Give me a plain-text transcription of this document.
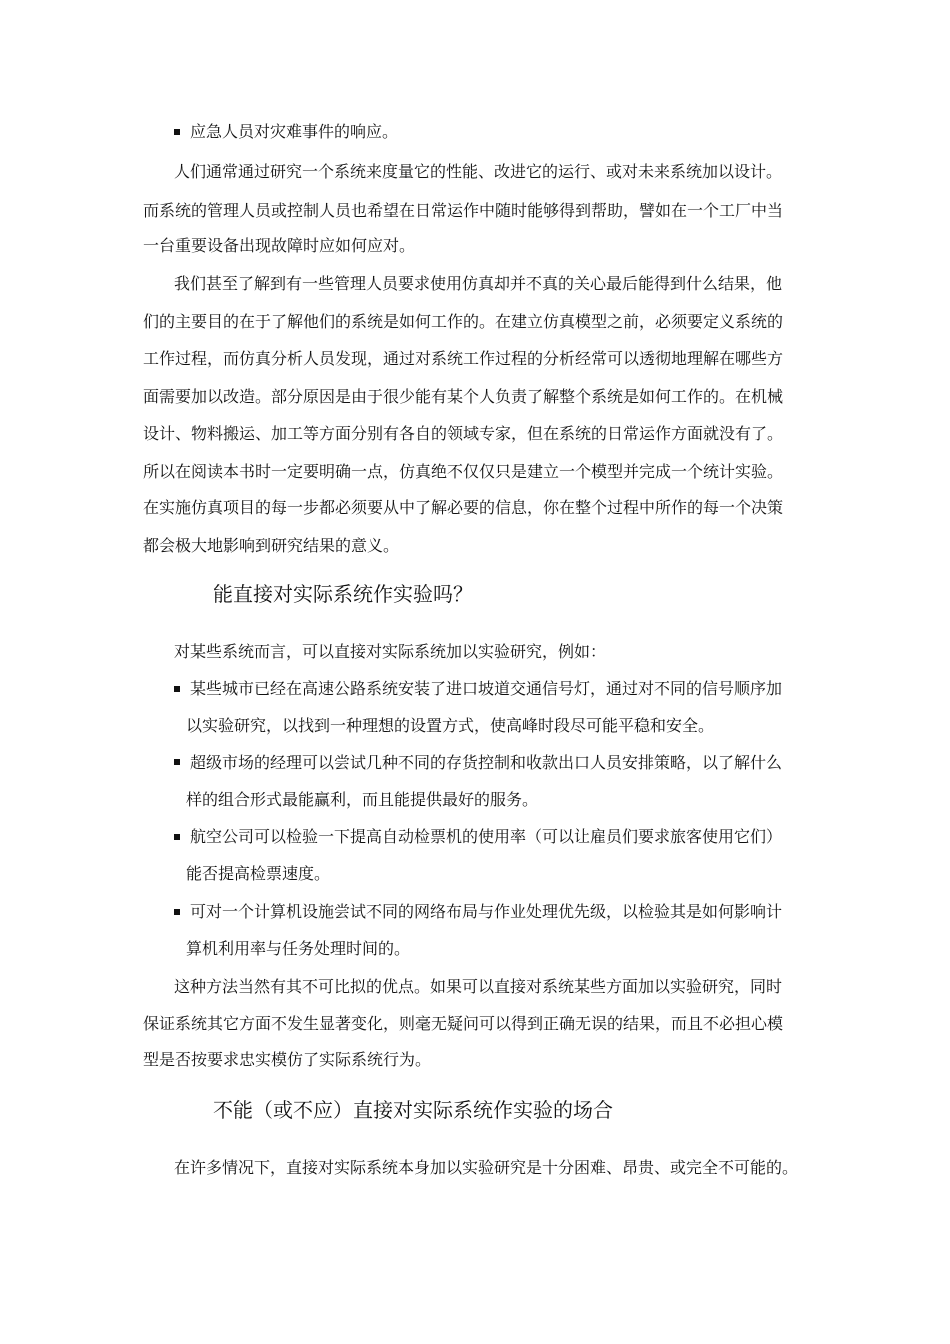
应急人员对灾难事件的响应。
人们通常通过研究一个系统来度量它的性能、改进它的运行、或对未来系统加以设计。
而系统的管理人员或控制人员也希望在日常运作中随时能够得到帮助，譬如在一个工厂中当
一台重要设备出现故障时应如何应对。
我们甚至了解到有一些管理人员要求使用仿真却并不真的关心最后能得到什么结果，他
们的主要目的在于了解他们的系统是如何工作的。在建立仿真模型之前，必须要定义系统的
工作过程，而仿真分析人员发现，通过对系统工作过程的分析经常可以透彻地理解在哪些方
面需要加以改造。部分原因是由于很少能有某个人负责了解整个系统是如何工作的。在机械
设计、物料搬运、加工等方面分别有各自的领域专家，但在系统的日常运作方面就没有了。
所以在阅读本书时一定要明确一点，仿真绝不仅仅只是建立一个模型并完成一个统计实验。
在实施仿真项目的每一步都必须要从中了解必要的信息，你在整个过程中所作的每一个决策
都会极大地影响到研究结果的意义。
能直接对实际系统作实验吗？
对某些系统而言，可以直接对实际系统加以实验研究，例如：
某些城市已经在高速公路系统安装了进口坡道交通信号灯，通过对不同的信号顺序加
以实验研究，以找到一种理想的设置方式，使高峰时段尽可能平稳和安全。
超级市场的经理可以尝试几种不同的存货控制和收款出口人员安排策略，以了解什么
样的组合形式最能赢利，而且能提供最好的服务。
航空公司可以检验一下提高自动检票机的使用率（可以让雇员们要求旅客使用它们）
能否提高检票速度。
可对一个计算机设施尝试不同的网络布局与作业处理优先级，以检验其是如何影响计
算机利用率与任务处理时间的。
这种方法当然有其不可比拟的优点。如果可以直接对系统某些方面加以实验研究，同时
保证系统其它方面不发生显著变化，则毫无疑问可以得到正确无误的结果，而且不必担心模
型是否按要求忠实模仿了实际系统行为。
不能（或不应）直接对实际系统作实验的场合
在许多情况下，直接对实际系统本身加以实验研究是十分困难、昂贵、或完全不可能的。
